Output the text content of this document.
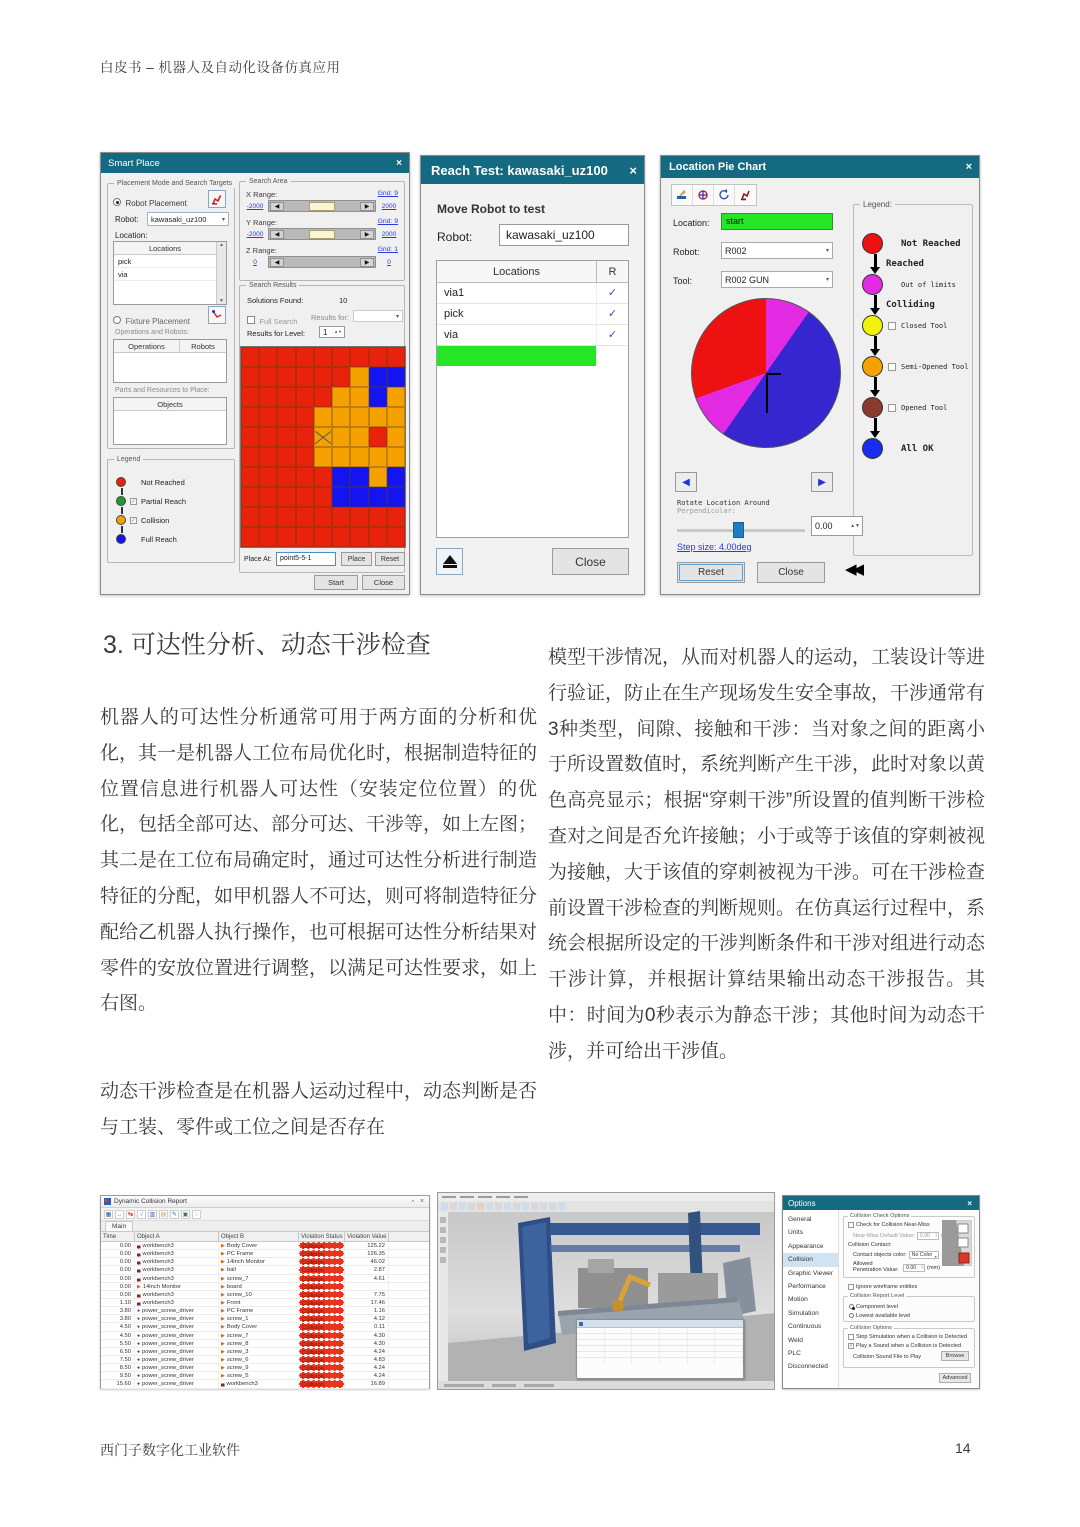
白皮书 – 机器人及自动化设备仿真应用
Smart Place	×
Placement Mode and Search Targets
Robot Placement
Robot: kawasaki_uz100	▾
Location:
Locations
pick
via
▲
▼
Fixture Placement
Operations and Robots:
Operations	Robots
Parts and Resources to Place:
Objects
Legend
Not Reached
✓ Partial Reach
✓ Collision
Full Reach
Search Area
X Range:	Grid: 9
-2000	◀	▶	2000
Y Range:	Grid: 9
-2000	◀	▶	2000
Z Range:	Grid: 1
0	◀	▶	0
Search Results
Solutions Found:	10
Full Search Results for:	▾
Results for Level:	1	▲▼
Place At:	point5-5-1	Place	Reset
Start	Close
Reach Test: kawasaki_uz100	×
Move Robot to test
Robot:	kawasaki_uz100
Locations	R
via1	✓
pick	✓
via	✓
Close
Location Pie Chart	×
Location:	start
Robot:	R002	▾
Tool:	R002 GUN	▾
Legend:
Not Reached
Reached
Out of limits
Colliding
Closed Tool
Semi-Opened Tool
Opened Tool
All OK
◀	▶
Rotate Location Around
Perpendicular:
0.00	▲▼
Step size: 4.00deg
Reset	Close	◀◀
3. 可达性分析、动态干涉检查
机器人的可达性分析通常可用于两方面的分析和优化，其一是机器人工位布局优化时，根据制造特征的位置信息进行机器人可达性（安装定位位置）的优化，包括全部可达、部分可达、干涉等，如上左图；其二是在工位布局确定时，通过可达性分析进行制造特征的分配，如甲机器人不可达，则可将制造特征分配给乙机器人执行操作，也可根据可达性分析结果对零件的安放位置进行调整，以满足可达性要求，如上右图。
动态干涉检查是在机器人运动过程中，动态判断是否与工装、零件或工位之间是否存在
模型干涉情况，从而对机器人的运动，工装设计等进行验证，防止在生产现场发生安全事故，干涉通常有3种类型，间隙、接触和干涉：当对象之间的距离小于所设置数值时，系统判断产生干涉，此时对象以黄色高亮显示；根据“穿刺干涉”所设置的值判断干涉检查对之间是否允许接触；小于或等于该值的穿刺被视为接触，大于该值的穿刺被视为干涉。可在干涉检查前设置干涉检查的判断规则。在仿真运行过程中，系统会根据所设定的干涉判断条件和干涉对组进行动态干涉计算，并根据计算结果输出动态干涉报告。其中：时间为0秒表示为静态干涉；其他时间为动态干涉，并可给出干涉值。
Dynamic Collision Report	▫ ×
▦ ↔ ↹	√	▥ ▤ ✎ ▣	◌
Main
Time	Object A	Object B	Violation Status Violation Value
0.00	▄ workbench3	▶ Body Cover	Collision	125.22
0.00	▄ workbench3	▶ PC Frame	Collision	126.35
0.00	▄ workbench3	▶ 14inch Monitor	Collision	46.02
0.00	▄ workbench3	▶ ball	Collision	2.87
0.00	▄ workbench3	▶ screw_7	Collision	4.61
0.00	▶ 14inch Monitor	▶ board	Collision
0.00	▄ workbench3	▶ screw_10	Collision	7.75
1.10	▄ workbench3	▶ Front	Collision	17.46
3.80	● power_screw_driver	▶ PC Frame	Collision	1.16
3.80	● power_screw_driver	▶ screw_1	Collision	4.12
4.50	● power_screw_driver	▶ Body Cover	Collision	0.11
4.50	● power_screw_driver	▶ screw_7	Collision	4.30
5.50	● power_screw_driver	▶ screw_8	Collision	4.30
6.50	● power_screw_driver	▶ screw_3	Collision	4.24
7.50	● power_screw_driver	▶ screw_6	Collision	4.83
8.50	● power_screw_driver	▶ screw_9	Collision	4.24
9.50	● power_screw_driver	▶ screw_5	Collision	4.24
15.60	● power_screw_driver	▄ workbench3	Collision	16.89
Options	×
General
Units
Appearance
Collision
Graphic Viewer
Performance
Motion
Simulation
Continuous
Weld
PLC
Disconnected
Collision Check Options
Check for Collision Near-Miss
Near-Miss Default Value: 0.00 ˄˅
Collision Contact:
Contact objects color: No Color ▾
Allowed Penetration Value:	0.00 ˄˅	(mm)
Ignore wireframe entities
Collision Report Level
Component level
Lowest available level
Collision Options
Stop Simulation when a Collision is Detected
✓ Play a Sound when a Collision is Detected
Collision Sound File to Play	Browse
Advanced
西门子数字化工业软件	14
